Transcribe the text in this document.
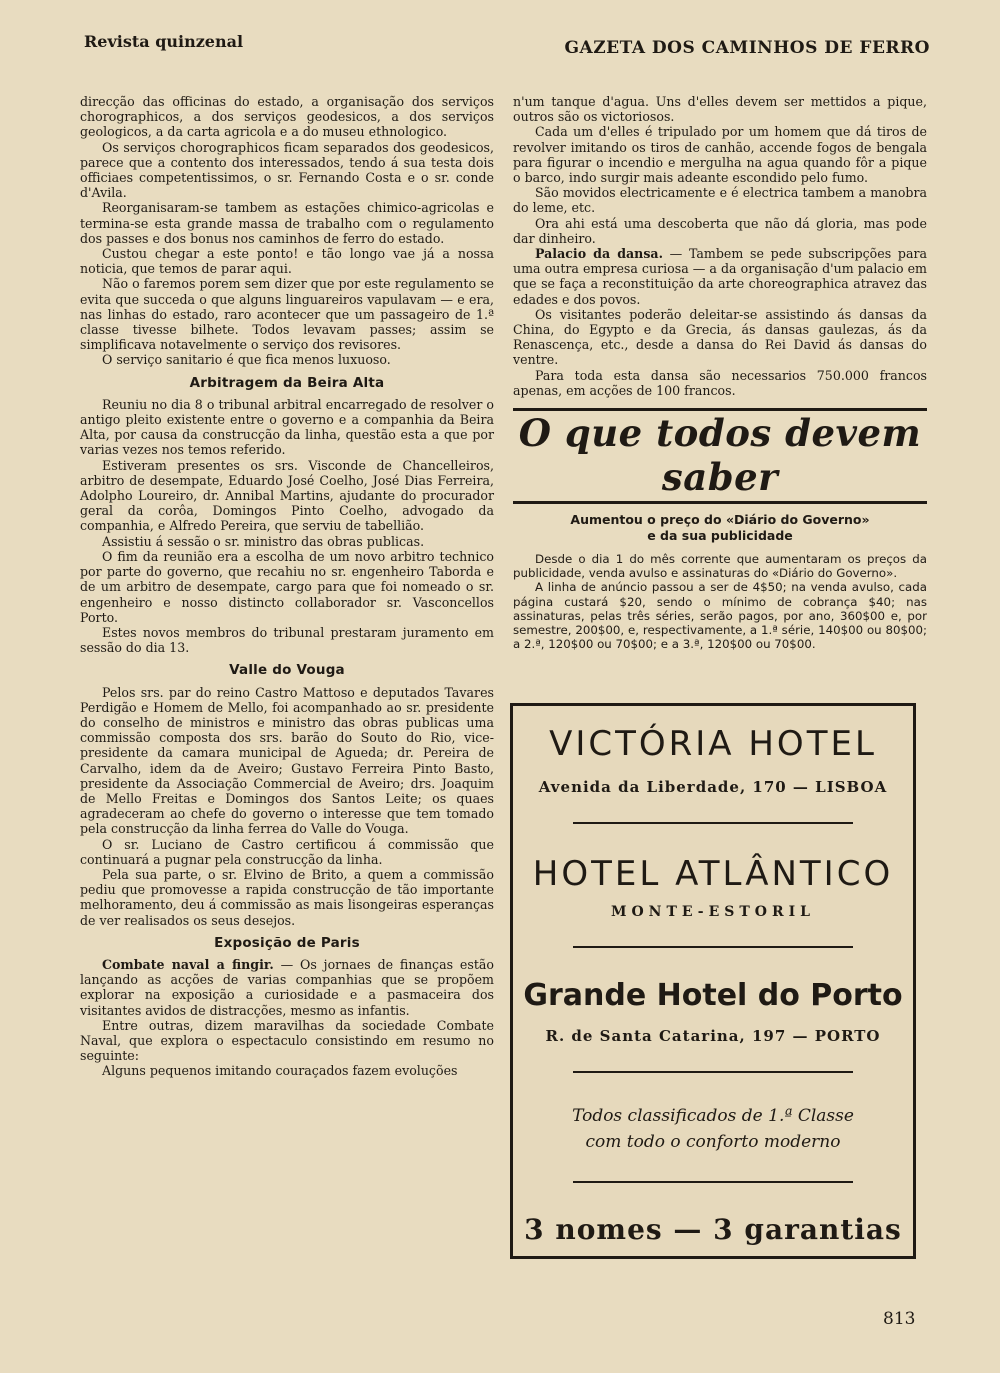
Revista quinzenal	GAZETA DOS CAMINHOS DE FERRO

direcção das officinas do estado, a organisação dos serviços chorographicos, a dos serviços geodesicos, a dos serviços geologicos, a da carta agricola e a do museu ethnologico.

Os serviços chorographicos ficam separados dos geodesicos, parece que a contento dos interessados, tendo á sua testa dois officiaes competentissimos, o sr. Fernando Costa e o sr. conde d'Avila.

Reorganisaram-se tambem as estações chimico-agricolas e termina-se esta grande massa de trabalho com o regulamento dos passes e dos bonus nos caminhos de ferro do estado.

Custou chegar a este ponto! e tão longo vae já a nossa noticia, que temos de parar aqui.

Não o faremos porem sem dizer que por este regulamento se evita que succeda o que alguns linguareiros vapulavam — e era, nas linhas do estado, raro acontecer que um passageiro de 1.ª classe tivesse bilhete. Todos levavam passes; assim se simplificava notavelmente o serviço dos revisores.

O serviço sanitario é que fica menos luxuoso.

Arbitragem da Beira Alta

Reuniu no dia 8 o tribunal arbitral encarregado de resolver o antigo pleito existente entre o governo e a companhia da Beira Alta, por causa da construcção da linha, questão esta a que por varias vezes nos temos referido.

Estiveram presentes os srs. Visconde de Chancelleiros, arbitro de desempate, Eduardo José Coelho, José Dias Ferreira, Adolpho Loureiro, dr. Annibal Martins, ajudante do procurador geral da corôa, Domingos Pinto Coelho, advogado da companhia, e Alfredo Pereira, que serviu de tabellião.

Assistiu á sessão o sr. ministro das obras publicas.

O fim da reunião era a escolha de um novo arbitro technico por parte do governo, que recahiu no sr. engenheiro Taborda e de um arbitro de desempate, cargo para que foi nomeado o sr. engenheiro e nosso distincto collaborador sr. Vasconcellos Porto.

Estes novos membros do tribunal prestaram juramento em sessão do dia 13.

Valle do Vouga

Pelos srs. par do reino Castro Mattoso e deputados Tavares Perdigão e Homem de Mello, foi acompanhado ao sr. presidente do conselho de ministros e ministro das obras publicas uma commissão composta dos srs. barão do Souto do Rio, vice-presidente da camara municipal de Agueda; dr. Pereira de Carvalho, idem da de Aveiro; Gustavo Ferreira Pinto Basto, presidente da Associação Commercial de Aveiro; drs. Joaquim de Mello Freitas e Domingos dos Santos Leite; os quaes agradeceram ao chefe do governo o interesse que tem tomado pela construcção da linha ferrea do Valle do Vouga.

O sr. Luciano de Castro certificou á commissão que continuará a pugnar pela construcção da linha.

Pela sua parte, o sr. Elvino de Brito, a quem a commissão pediu que promovesse a rapida construcção de tão importante melhoramento, deu á commissão as mais lisongeiras esperanças de ver realisados os seus desejos.

Exposição de Paris

Combate naval a fingir. — Os jornaes de finanças estão lançando as acções de varias companhias que se propõem explorar na exposição a curiosidade e a pasmaceira dos visitantes avidos de distracções, mesmo as infantis.

Entre outras, dizem maravilhas da sociedade Combate Naval, que explora o espectaculo consistindo em resumo no seguinte:

Alguns pequenos imitando couraçados fazem evoluções

n'um tanque d'agua. Uns d'elles devem ser mettidos a pique, outros são os victoriosos.

Cada um d'elles é tripulado por um homem que dá tiros de revolver imitando os tiros de canhão, accende fogos de bengala para figurar o incendio e mergulha na agua quando fôr a pique o barco, indo surgir mais adeante escondido pelo fumo.

São movidos electricamente e é electrica tambem a manobra do leme, etc.

Ora ahi está uma descoberta que não dá gloria, mas pode dar dinheiro.

Palacio da dansa. — Tambem se pede subscripções para uma outra empresa curiosa — a da organisação d'um palacio em que se faça a reconstituição da arte choreographica atravez das edades e dos povos.

Os visitantes poderão deleitar-se assistindo ás dansas da China, do Egypto e da Grecia, ás dansas gaulezas, ás da Renascença, etc., desde a dansa do Rei David ás dansas do ventre.

Para toda esta dansa são necessarios 750.000 francos apenas, em acções de 100 francos.

O que todos devem saber
Aumentou o preço do «Diário do Governo»
e da sua publicidade

Desde o dia 1 do mês corrente que aumentaram os preços da publicidade, venda avulso e assinaturas do «Diário do Governo».

A linha de anúncio passou a ser de 4$50; na venda avulso, cada página custará $20, sendo o mínimo de cobrança $40; nas assinaturas, pelas três séries, serão pagos, por ano, 360$00 e, por semestre, 200$00, e, respectivamente, a 1.ª série, 140$00 ou 80$00; a 2.ª, 120$00 ou 70$00; e a 3.ª, 120$00 ou 70$00.

VICTÓRIA HOTEL
Avenida da Liberdade, 170 — LISBOA
HOTEL ATLÂNTICO
MONTE-ESTORIL
Grande Hotel do Porto
R. de Santa Catarina, 197 — PORTO
Todos classificados de 1.ª Classe
com todo o conforto moderno
3 nomes — 3 garantias
813
